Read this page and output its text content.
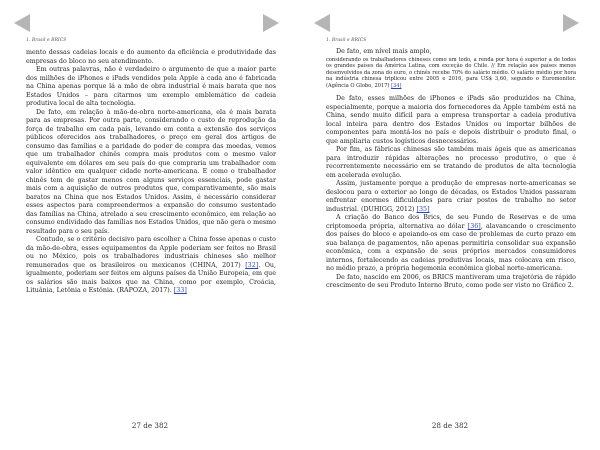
1. Brasil e BRICS

mento dessas cadeias locais e do aumento da eficiência e produtividade das empresas do bloco no seu atendimento.

Em outras palavras, não é verdadeiro o argumento de que a maior parte dos milhões de iPhones e iPads vendidos pela Apple a cada ano é fabricada na China apenas porque lá a mão de obra industrial é mais barata que nos Estados Unidos – para citarmos um exemplo emblemático de cadeia produtiva local de alta tecnologia.

De fato, em relação à mão-de-obra norte-americana, ela é mais barata para as empresas. Por outra parte, considerando o custo de reprodução da força de trabalho em cada país, levando em conta a extensão dos serviços públicos oferecidos aos trabalhadores, o preço em geral dos artigos de consumo das famílias e a paridade do poder de compra das moedas, vemos que um trabalhador chinês compra mais produtos com o mesmo valor equivalente em dólares em seu país do que compraria um trabalhador com valor idêntico em qualquer cidade norte-americana. E como o trabalhador chinês tem de gastar menos com alguns serviços essenciais, pode gastar mais com a aquisição de outros produtos que, comparativamente, são mais baratos na China que nos Estados Unidos. Assim, é necessário considerar esses aspectos para compreendermos a expansão do consumo sustentado das famílias na China, atrelado a seu crescimento econômico, em relação ao consumo endividado das famílias nos Estados Unidos, que não gera o mesmo resultado para o seu país.

Contudo, se o critério decisivo para escolher a China fosse apenas o custo da mão-de-obra, esses equipamentos da Apple poderiam ser feitos no Brasil ou no México, pois os trabalhadores industriais chineses são melhor remunerados que os brasileiros ou mexicanos (CHINA, 2017) [32]. Ou, igualmente, poderiam ser feitos em alguns países da União Europeia, em que os salários são mais baixos que na China, como por exemplo, Croácia, Lituânia, Letônia e Estônia. (RAPOZA, 2017). [33]

27 de 382
1. Brasil e BRICS

De fato, em nível mais amplo,

considerando os trabalhadores chineses como um todo, a renda por hora é superior a de todos os grandes países da América Latina, com exceção do Chile. // Em relação aos países menos desenvolvidos da zona do euro, o chinês recebe 70% do salário médio. O salário médio por hora na indústria chinesa triplicou entre 2005 e 2016, para US$ 3,60, segundo o Euromonitor. (Agência O Globo, 2017) [34]

De fato, esses milhões de iPhones e iPads são produzidos na China, especialmente, porque a maioria dos fornecedores da Apple também está na China, sendo muito difícil para a empresa transportar a cadeia produtiva local inteira para dentro dos Estados Unidos ou importar bilhões de componentes para montá-los no país e depois distribuir o produto final, o que ampliaria custos logísticos desnecessários.

Por fim, as fábricas chinesas são também mais ágeis que as americanas para introduzir rápidas alterações no processo produtivo, o que é recorrentemente necessário em se tratando de produtos de alta tecnologia em acelerada evolução.

Assim, justamente porque a produção de empresas norte-americanas se deslocou para o exterior ao longo de décadas, os Estados Unidos passaram enfrentar enormes dificuldades para criar postos de trabalho no setor industrial. (DUHIGG, 2012) [35]

A criação do Banco dos Brics, de seu Fundo de Reservas e de uma criptomoeda própria, alternativa ao dólar [36], alavancando o crescimento dos países do bloco e apoiando-os em caso de problemas de curto prazo em sua balança de pagamentos, não apenas permitiria consolidar sua expansão econômica, com a expansão de seus próprios mercados consumidores internos, fortalecendo as cadeias produtivas locais, mas colocava em risco, no médio prazo, a própria hegemonia econômica global norte-americana.

De fato, nascido em 2006, os BRICS mantiveram uma trajetória de rápido crescimento de seu Produto Interno Bruto, como pode ser visto no Gráfico 2.

28 de 382
